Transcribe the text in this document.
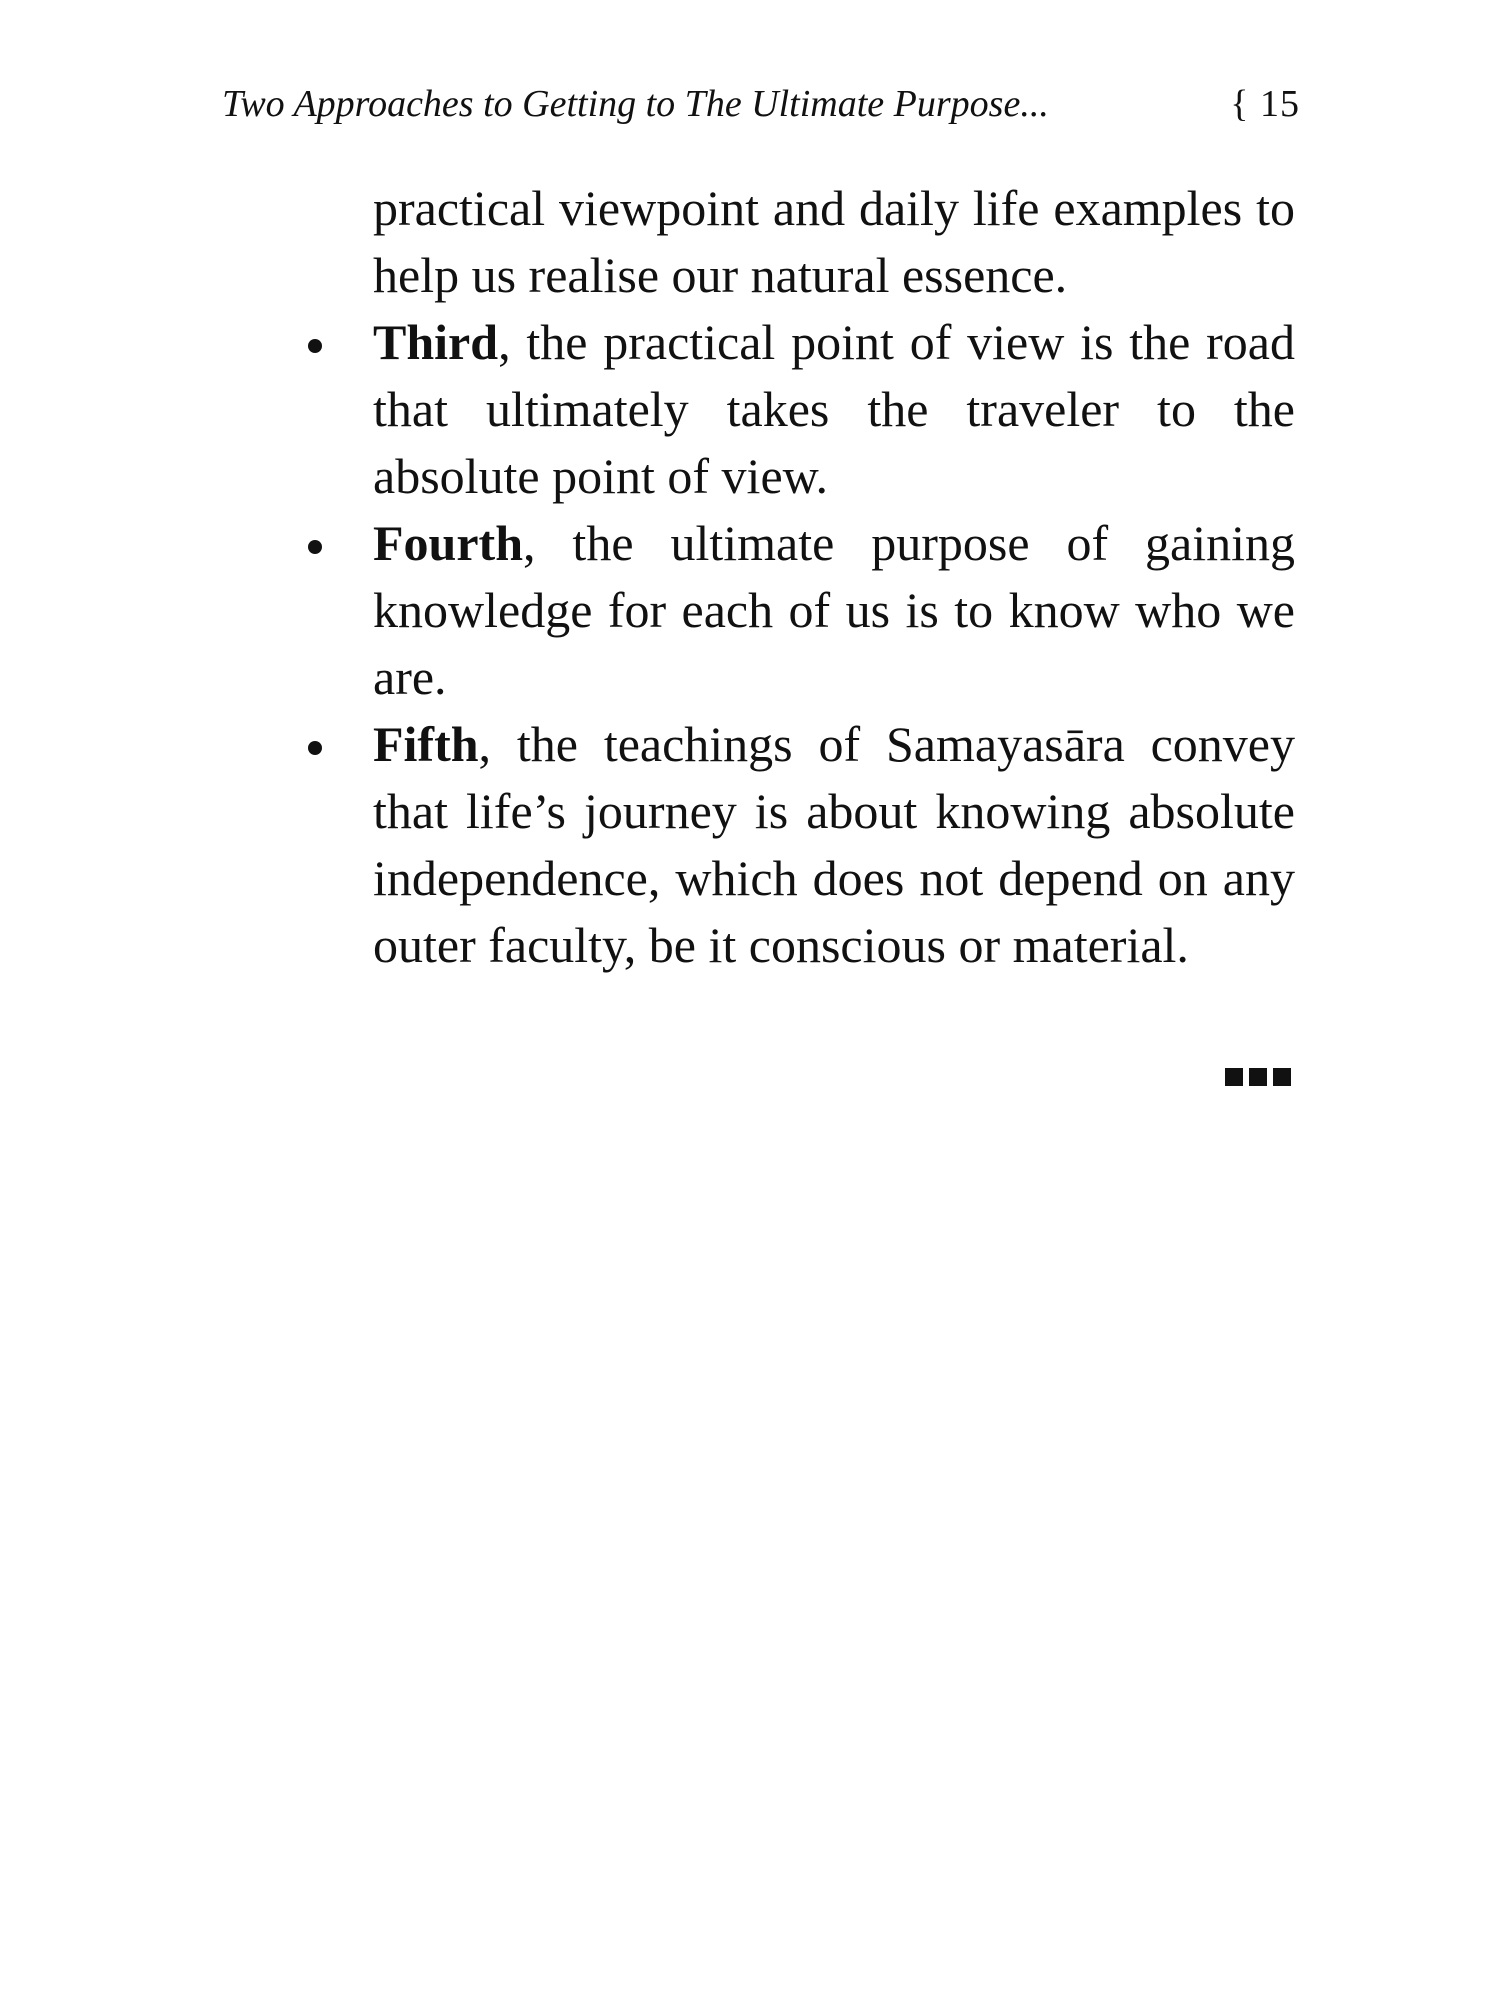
Two Approaches to Getting to The Ultimate Purpose...	{ 15

practical viewpoint and daily life examples to help us realise our natural essence.

Third, the practical point of view is the road that ultimately takes the traveler to the absolute point of view.
Fourth, the ultimate purpose of gaining knowledge for each of us is to know who we are.
Fifth, the teachings of Samayasāra convey that life’s journey is about knowing absolute independence, which does not depend on any outer faculty, be it conscious or material.
